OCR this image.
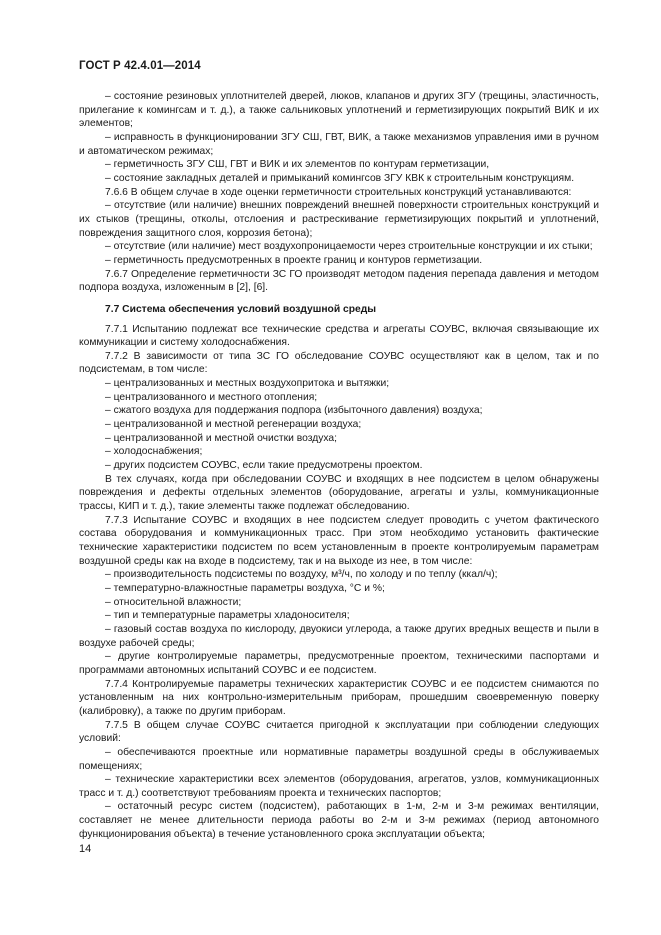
ГОСТ Р 42.4.01—2014

– состояние резиновых уплотнителей дверей, люков, клапанов и других ЗГУ (трещины, эластичность, прилегание к комингсам и т. д.), а также сальниковых уплотнений и герметизирующих покрытий ВИК и их элементов;

– исправность в функционировании ЗГУ СШ, ГВТ, ВИК, а также механизмов управления ими в ручном и автоматическом режимах;

– герметичность ЗГУ СШ, ГВТ и ВИК и их элементов по контурам герметизации,

– состояние закладных деталей и примыканий комингсов ЗГУ КВК к строительным конструкциям.

7.6.6 В общем случае в ходе оценки герметичности строительных конструкций устанавливаются:

– отсутствие (или наличие) внешних повреждений внешней поверхности строительных конструкций и их стыков (трещины, отколы, отслоения и растрескивание герметизирующих покрытий и уплотнений, повреждения защитного слоя, коррозия бетона);

– отсутствие (или наличие) мест воздухопроницаемости через строительные конструкции и их стыки;

– герметичность предусмотренных в проекте границ и контуров герметизации.

7.6.7 Определение герметичности ЗС ГО производят методом падения перепада давления и методом подпора воздуха, изложенным в [2], [6].

7.7 Система обеспечения условий воздушной среды

7.7.1 Испытанию подлежат все технические средства и агрегаты СОУВС, включая связывающие их коммуникации и систему холодоснабжения.

7.7.2 В зависимости от типа ЗС ГО обследование СОУВС осуществляют как в целом, так и по подсистемам, в том числе:

– централизованных и местных воздухопритока и вытяжки;

– централизованного и местного отопления;

– сжатого воздуха для поддержания подпора (избыточного давления) воздуха;

– централизованной и местной регенерации воздуха;

– централизованной и местной очистки воздуха;

– холодоснабжения;

– других подсистем СОУВС, если такие предусмотрены проектом.

В тех случаях, когда при обследовании СОУВС и входящих в нее подсистем в целом обнаружены повреждения и дефекты отдельных элементов (оборудование, агрегаты и узлы, коммуникационные трассы, КИП и т. д.), такие элементы также подлежат обследованию.

7.7.3 Испытание СОУВС и входящих в нее подсистем следует проводить с учетом фактического состава оборудования и коммуникационных трасс. При этом необходимо установить фактические технические характеристики подсистем по всем установленным в проекте контролируемым параметрам воздушной среды как на входе в подсистему, так и на выходе из нее, в том числе:

– производительность подсистемы по воздуху, м³/ч, по холоду и по теплу (ккал/ч);

– температурно-влажностные параметры воздуха, °С и %;

– относительной влажности;

– тип и температурные параметры хладоносителя;

– газовый состав воздуха по кислороду, двуокиси углерода, а также других вредных веществ и пыли в воздухе рабочей среды;

– другие контролируемые параметры, предусмотренные проектом, техническими паспортами и программами автономных испытаний СОУВС и ее подсистем.

7.7.4 Контролируемые параметры технических характеристик СОУВС и ее подсистем снимаются по установленным на них контрольно-измерительным приборам, прошедшим своевременную поверку (калибровку), а также по другим приборам.

7.7.5 В общем случае СОУВС считается пригодной к эксплуатации при соблюдении следующих условий:

– обеспечиваются проектные или нормативные параметры воздушной среды в обслуживаемых помещениях;

– технические характеристики всех элементов (оборудования, агрегатов, узлов, коммуникационных трасс и т. д.) соответствуют требованиям проекта и технических паспортов;

– остаточный ресурс систем (подсистем), работающих в 1-м, 2-м и 3-м режимах вентиляции, составляет не менее длительности периода работы во 2-м и 3-м режимах (период автономного функционирования объекта) в течение установленного срока эксплуатации объекта;

14
